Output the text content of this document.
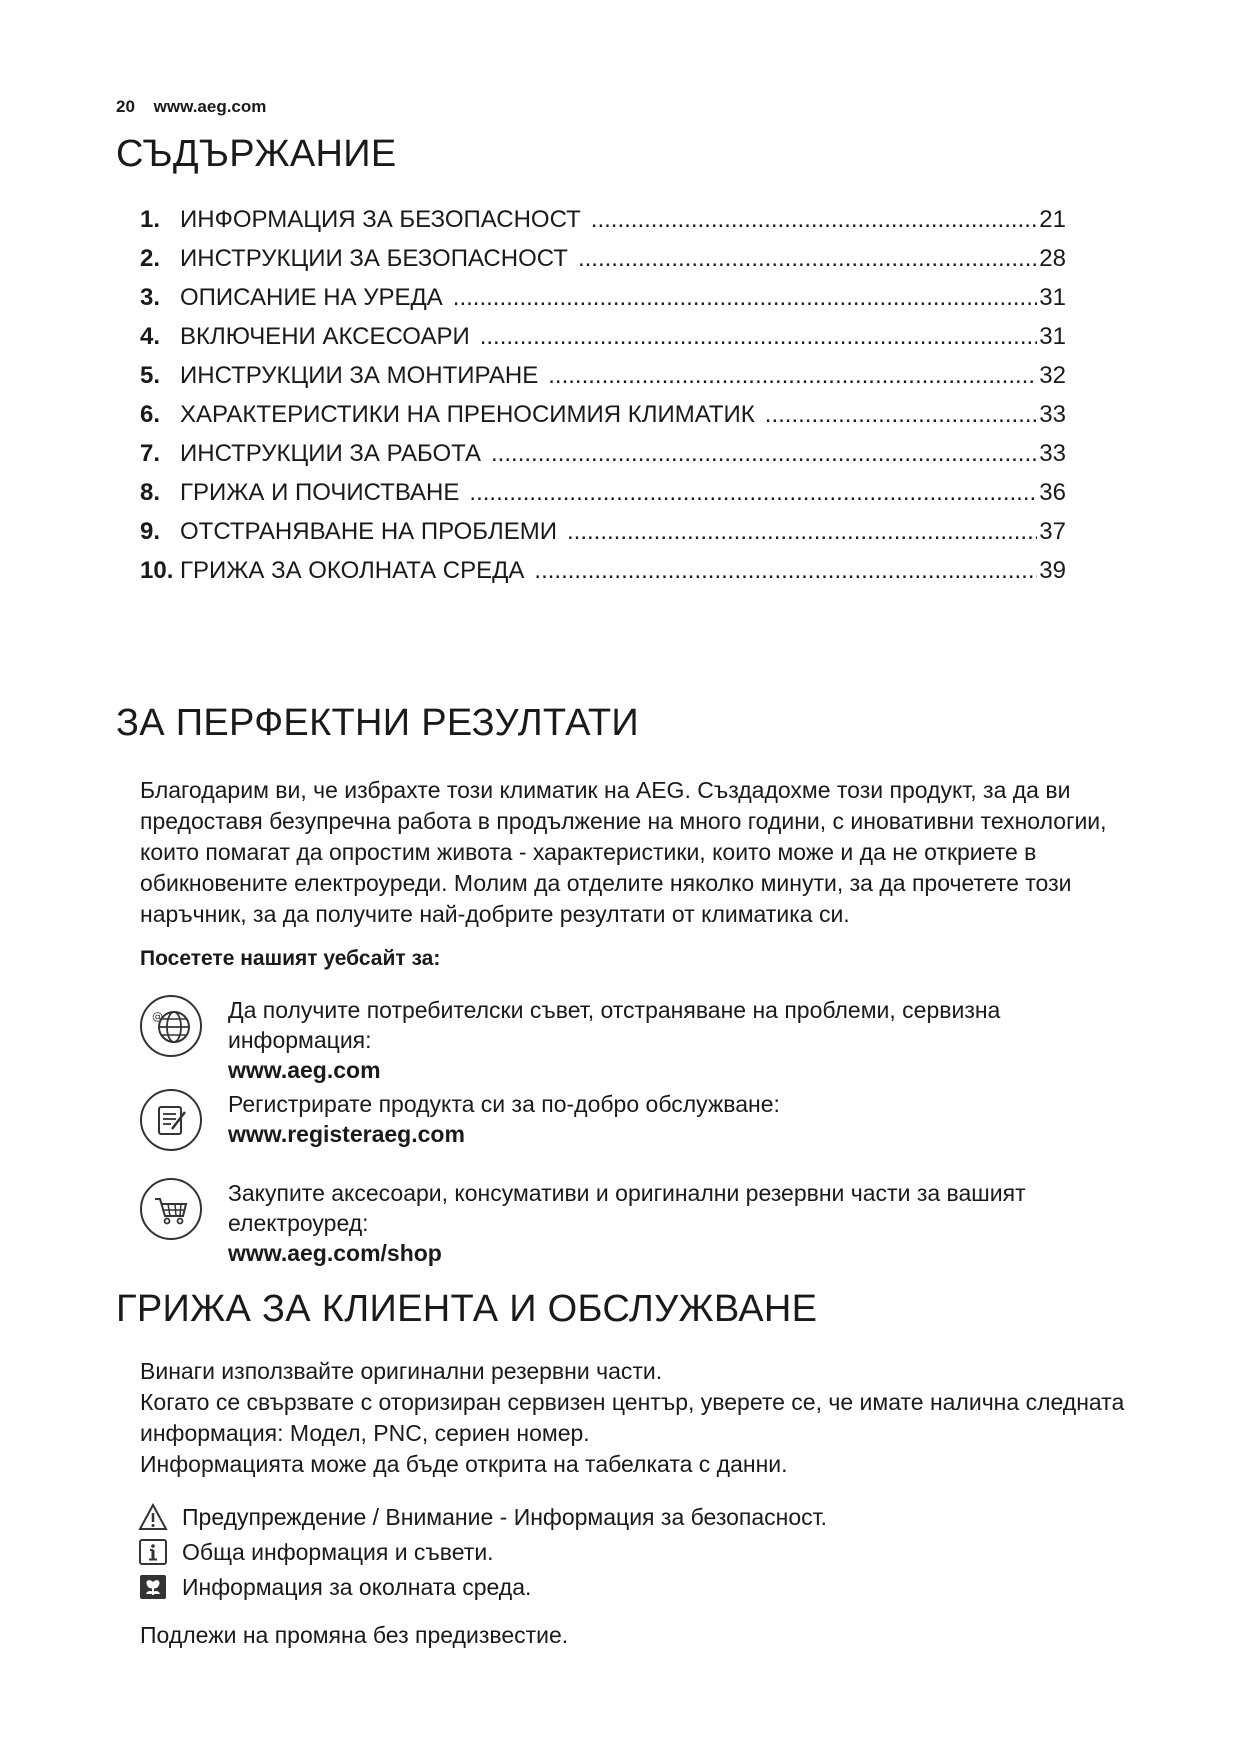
20 www.aeg.com
СЪДЪРЖАНИЕ
1. ИНФОРМАЦИЯ ЗА БЕЗОПАСНОСТ .....	21
2. ИНСТРУКЦИИ ЗА БЕЗОПАСНОСТ .....	28
3. ОПИСАНИЕ НА УРЕДА .....	31
4. ВКЛЮЧЕНИ АКСЕСОАРИ .....	31
5. ИНСТРУКЦИИ ЗА МОНТИРАНЕ .....	32
6. ХАРАКТЕРИСТИКИ НА ПРЕНОСИМИЯ КЛИМАТИК .....	33
7. ИНСТРУКЦИИ ЗА РАБОТА .....	33
8. ГРИЖА И ПОЧИСТВАНЕ .....	36
9. ОТСТРАНЯВАНЕ НА ПРОБЛЕМИ .....	37
10. ГРИЖА ЗА ОКОЛНАТА СРЕДА .....	39
ЗА ПЕРФЕКТНИ РЕЗУЛТАТИ

Благодарим ви, че избрахте този климатик на AEG. Създадохме този продукт, за да ви предоставя безупречна работа в продължение на много години, с иновативни технологии, които помагат да опростим живота - характеристики, които може и да не откриете в обикновените електроуреди. Молим да отделите няколко минути, за да прочетете този наръчник, за да получите най-добрите резултати от климатика си.

Посетете нашият уебсайт за:

@	Да получите потребителски съвет, отстраняване на проблеми, сервизна информация:
www.aeg.com
Регистрирате продукта си за по-добро обслужване:
www.registeraeg.com
Закупите аксесоари, консумативи и оригинални резервни части за вашият електроуред:
www.aeg.com/shop
ГРИЖА ЗА КЛИЕНТА И ОБСЛУЖВАНЕ
Винаги използвайте оригинални резервни части.
Когато се свързвате с оторизиран сервизен център, уверете се, че имате налична следната информация: Модел, PNC, сериен номер.
Информацията може да бъде открита на табелката с данни.
Предупреждение / Внимание - Информация за безопасност.
Обща информация и съвети.
Информация за околната среда.

Подлежи на промяна без предизвестие.
